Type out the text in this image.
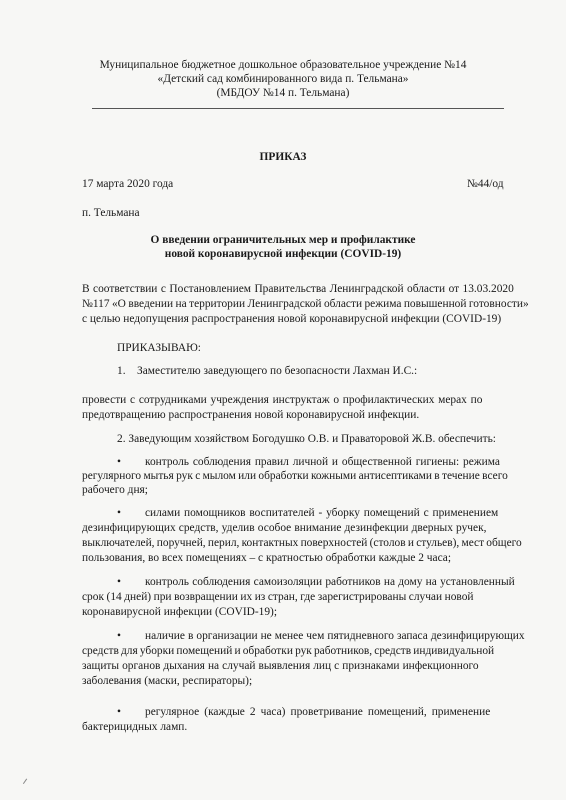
Муниципальное бюджетное дошкольное образовательное учреждение №14
«Детский сад комбинированного вида п. Тельмана»
(МБДОУ №14 п. Тельмана)
ПРИКАЗ
17 марта 2020 года	№44/од
п. Тельмана
О введении ограничительных мер и профилактике
новой коронавирусной инфекции (COVID-19)
В соответствии с Постановлением Правительства Ленинградской области от 13.03.2020
№117 «О введении на территории Ленинградской области режима повышенной готовности»
с целью недопущения распространения новой коронавирусной инфекции (COVID-19)
ПРИКАЗЫВАЮ:
1. Заместителю заведующего по безопасности Лахман И.С.:
провести с сотрудниками учреждения инструктаж о профилактических мерах по
предотвращению распространения новой коронавирусной инфекции.
2. Заведующим хозяйством Богодушко О.В. и Праваторовой Ж.В. обеспечить:
• контроль соблюдения правил личной и общественной гигиены: режима
регулярного мытья рук с мылом или обработки кожными антисептиками в течение всего
рабочего дня;
• силами помощников воспитателей - уборку помещений с применением
дезинфицирующих средств, уделив особое внимание дезинфекции дверных ручек,
выключателей, поручней, перил, контактных поверхностей (столов и стульев), мест общего
пользования, во всех помещениях – с кратностью обработки каждые 2 часа;
• контроль соблюдения самоизоляции работников на дому на установленный
срок (14 дней) при возвращении их из стран, где зарегистрированы случаи новой
коронавирусной инфекции (COVID-19);
• наличие в организации не менее чем пятидневного запаса дезинфицирующих
средств для уборки помещений и обработки рук работников, средств индивидуальной
защиты органов дыхания на случай выявления лиц с признаками инфекционного
заболевания (маски, респираторы);
• регулярное (каждые 2 часа) проветривание помещений, применение
бактерицидных ламп.
